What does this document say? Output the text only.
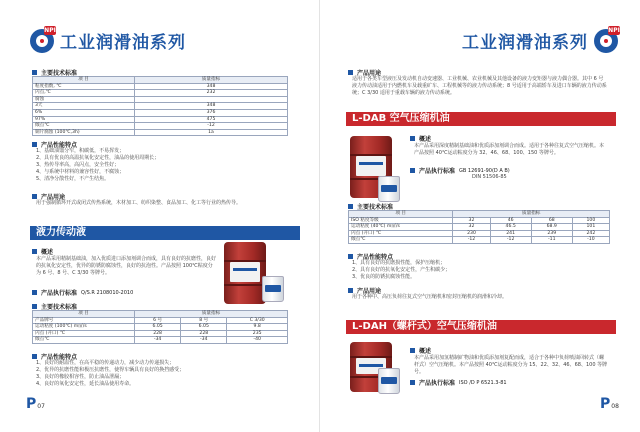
NPI
工业润滑油系列
主要技术标准
项 目	质量指标
粘度指数, ℃	348
闪点,℃	232
腐蚀	
3天	348
6%	376
97%	475
倾点℃	-12
铜片腐蚀 (100℃,3h)	1a
产品性能特点
1、基础油馏分窄，积碳低，不易挥发；
2、具有优良的高温抗氧化安定性，油品的使用周期长；
3、热传导率高，高闪点，安全性好；
4、与系统中材料的兼容性好，不腐蚀；
5、清净分散性好，不产生结焦。
产品用途
用于强制循环开式或闭式传热系统，木材加工、纺织染整、食品加工、化工等行业的热传导。
液力传动液
概述
本产品采用精制基础油，加入优质进口添加剂调合而成，具有良好的抗磨性，良好的抗氧化安定性，优异的防锈防腐蚀性，良好的抗泡性。产品按照 100℃粘度分为 6 号、8 号、C 3/30 等牌号。
产品执行标准 Q/S.R 2108010-2010
主要技术标准
项 目	质量指标		
产品牌号	6 号	8 号	C 3/30
运动粘度 (100℃) m㎡/s	6.05	6.05	9.8
闪点 (开口) ℃	228	228	235
倾点℃	-34	-34	-40
产品性能特点
1、良好的耐温性，在高平稳的传递动力，减少动力传递损失；
2、优异的抗磨性能和极压抗磨性，使得车辆具有良好的换挡感受；
3、良好的橡胶相容性，防止油品泄漏；
4、良好的氧化安定性，延长油品使用寿命。
P07
工业润滑油系列
NPI
产品用途
适用于各类车型液压及发动机自动变速器、工业机械、农业机械及其他设备的液力变矩器与液力偶合器。其中 6 号液力传动油适用于内燃机车及载重矿车、工程机械等的液力传动系统；8 号适用于高端轿车及进口车辆的液力传动系统；C 3/30 适用于重载车辆的液力传动系统。
L-DAB 空气压缩机油
概述
本产品采用深度精制基础油和优质添加剂调合而成。适用于各种往复式空气压缩机。本产品按照 40℃运动粘度分为 32、46、68、100、150 等牌号。
产品执行标准 GB 12691-90(D A B)
DIN 51506-85
主要技术标准
项 目	质量指标			
ISO 粘度等级	32	46	68	100
运动粘度 (40℃) m㎡/s	32	46.5	68.9	101
闪点 (开口) ℃	230	241	239	242
倾点℃	-12	-12	-11	-10
产品性能特点
1、具有良好的抗磨损性能，保护压缩机；
2、具有良好的抗氧化安定性，产生积碳少；
3、优良的防锈抗腐蚀性能。
产品用途
用于各种中、高压负荷往复式空气压缩机和密封压缩机的润滑和冷却。
L-DAH（螺杆式）空气压缩机油
概述
本产品采用加氢精制矿物油和优质添加剂复配而成，适合于各种中负荷喷油回转式（螺杆式）空气压缩机。本产品按照 40℃运动粘度分为 15、22、32、46、68、100 等牌号。
产品执行标准 ISO /D P 6521.3-81
P08
